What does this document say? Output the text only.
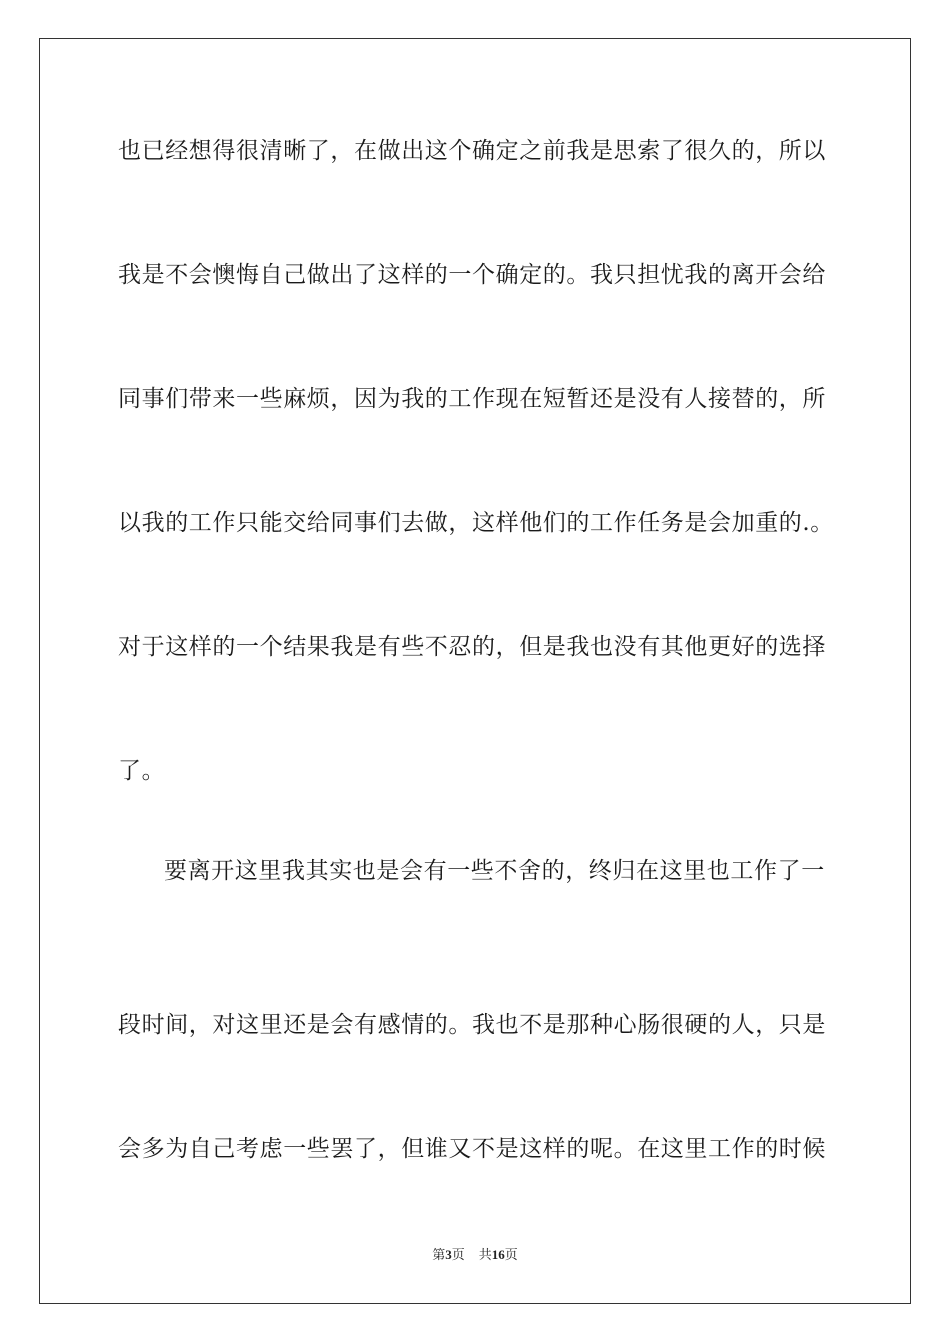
也已经想得很清晰了，在做出这个确定之前我是思索了很久的，所以
我是不会懊悔自己做出了这样的一个确定的。我只担忧我的离开会给
同事们带来一些麻烦，因为我的工作现在短暂还是没有人接替的，所
以我的工作只能交给同事们去做，这样他们的工作任务是会加重的.。
对于这样的一个结果我是有些不忍的，但是我也没有其他更好的选择
了。
要离开这里我其实也是会有一些不舍的，终归在这里也工作了一
段时间，对这里还是会有感情的。我也不是那种心肠很硬的人，只是
会多为自己考虑一些罢了，但谁又不是这样的呢。在这里工作的时候
第3页 共16页
